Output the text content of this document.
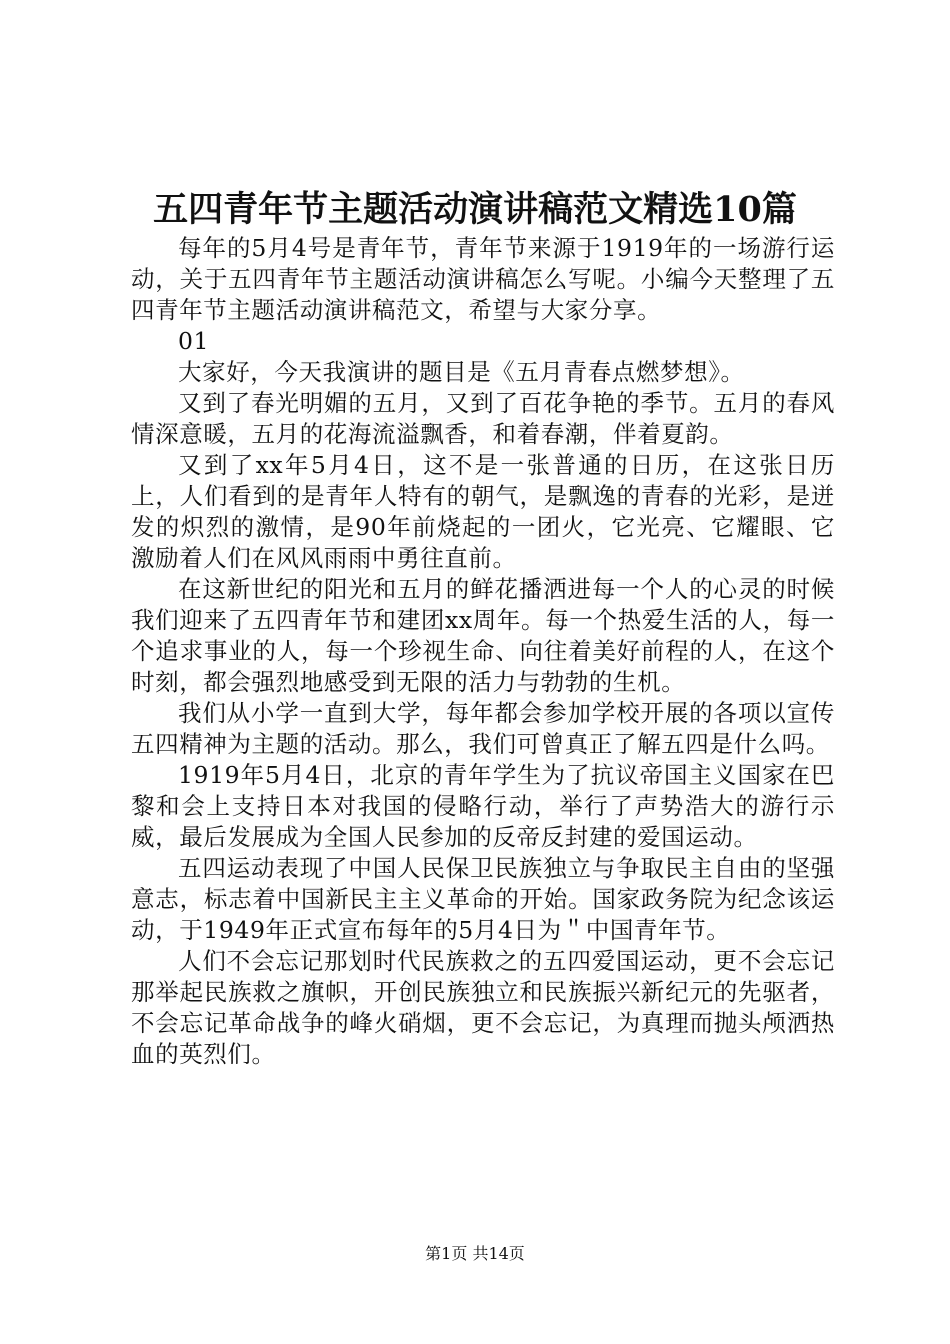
五四青年节主题活动演讲稿范文精选10篇

每年的5月4号是青年节，青年节来源于1919年的一场游行运动，关于五四青年节主题活动演讲稿怎么写呢。小编今天整理了五四青年节主题活动演讲稿范文，希望与大家分享。

01

大家好，今天我演讲的题目是《五月青春点燃梦想》。

又到了春光明媚的五月，又到了百花争艳的季节。五月的春风情深意暖，五月的花海流溢飘香，和着春潮，伴着夏韵。

又到了xx年5月4日，这不是一张普通的日历，在这张日历上，人们看到的是青年人特有的朝气，是飘逸的青春的光彩，是迸发的炽烈的激情，是90年前烧起的一团火，它光亮、它耀眼、它激励着人们在风风雨雨中勇往直前。

在这新世纪的阳光和五月的鲜花播洒进每一个人的心灵的时候我们迎来了五四青年节和建团xx周年。每一个热爱生活的人，每一个追求事业的人，每一个珍视生命、向往着美好前程的人，在这个时刻，都会强烈地感受到无限的活力与勃勃的生机。

我们从小学一直到大学，每年都会参加学校开展的各项以宣传五四精神为主题的活动。那么，我们可曾真正了解五四是什么吗。

1919年5月4日，北京的青年学生为了抗议帝国主义国家在巴黎和会上支持日本对我国的侵略行动，举行了声势浩大的游行示威，最后发展成为全国人民参加的反帝反封建的爱国运动。

五四运动表现了中国人民保卫民族独立与争取民主自由的坚强意志，标志着中国新民主主义革命的开始。国家政务院为纪念该运动，于1949年正式宣布每年的5月4日为＂中国青年节。

人们不会忘记那划时代民族救之的五四爱国运动，更不会忘记那举起民族救之旗帜，开创民族独立和民族振兴新纪元的先驱者，不会忘记革命战争的峰火硝烟，更不会忘记，为真理而抛头颅洒热血的英烈们。

第1页 共14页
